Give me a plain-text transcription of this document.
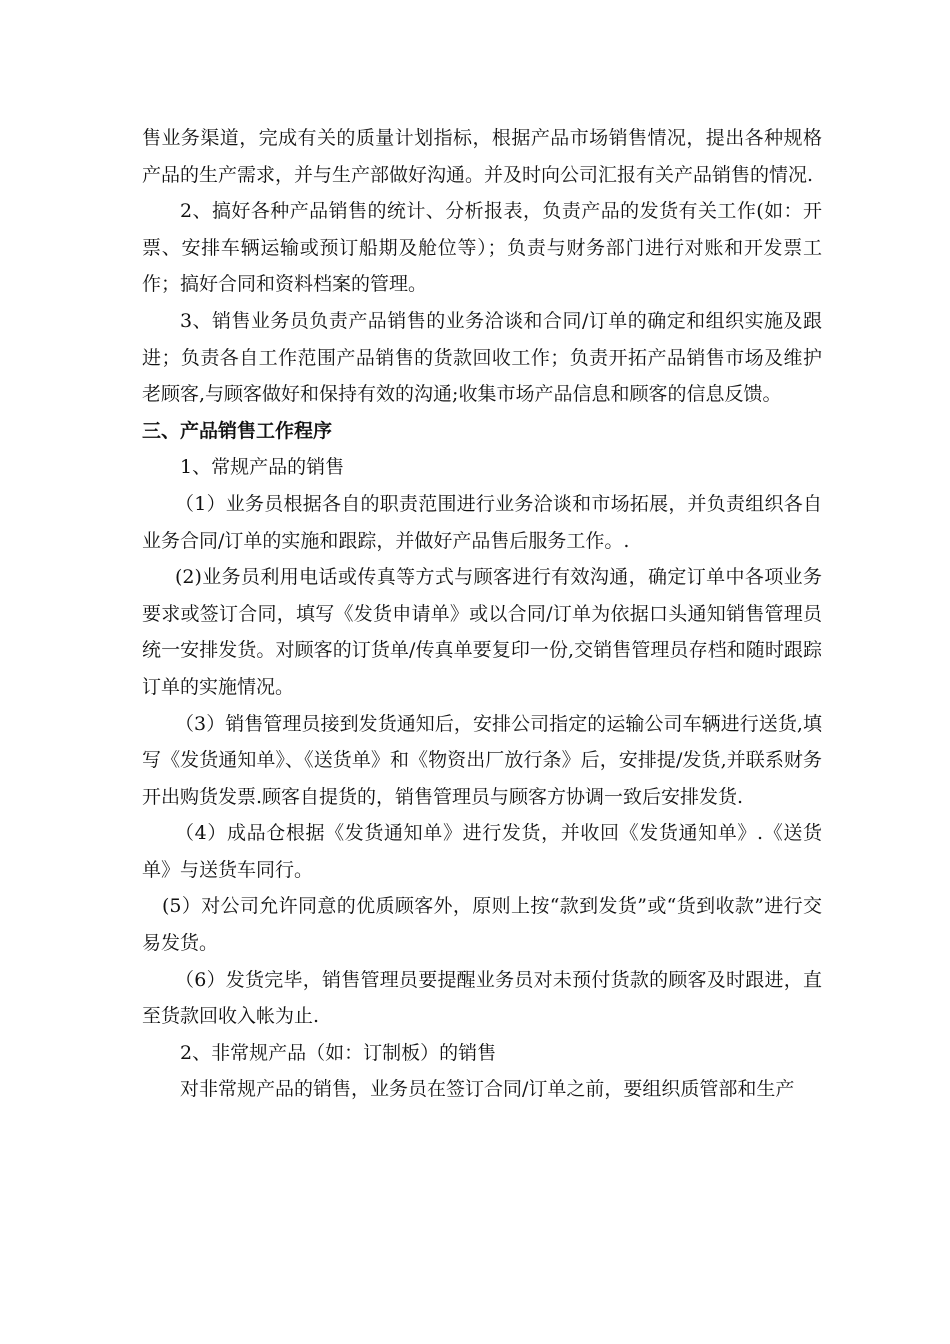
售业务渠道，完成有关的质量计划指标，根据产品市场销售情况，提出各种规格产品的生产需求，并与生产部做好沟通。并及时向公司汇报有关产品销售的情况.

2、搞好各种产品销售的统计、分析报表，负责产品的发货有关工作(如：开票、安排车辆运输或预订船期及舱位等）；负责与财务部门进行对账和开发票工作；搞好合同和资料档案的管理。

3、销售业务员负责产品销售的业务洽谈和合同/订单的确定和组织实施及跟进；负责各自工作范围产品销售的货款回收工作；负责开拓产品销售市场及维护老顾客,与顾客做好和保持有效的沟通;收集市场产品信息和顾客的信息反馈。

三、产品销售工作程序

1、常规产品的销售

（1）业务员根据各自的职责范围进行业务洽谈和市场拓展，并负责组织各自业务合同/订单的实施和跟踪，并做好产品售后服务工作。.

(2)业务员利用电话或传真等方式与顾客进行有效沟通，确定订单中各项业务要求或签订合同，填写《发货申请单》或以合同/订单为依据口头通知销售管理员统一安排发货。对顾客的订货单/传真单要复印一份,交销售管理员存档和随时跟踪订单的实施情况。

（3）销售管理员接到发货通知后，安排公司指定的运输公司车辆进行送货,填写《发货通知单》、《送货单》和《物资出厂放行条》后，安排提/发货,并联系财务开出购货发票.顾客自提货的，销售管理员与顾客方协调一致后安排发货.

（4）成品仓根据《发货通知单》进行发货，并收回《发货通知单》.《送货单》与送货车同行。

(5）对公司允许同意的优质顾客外，原则上按“款到发货”或“货到收款”进行交易发货。

（6）发货完毕，销售管理员要提醒业务员对未预付货款的顾客及时跟进，直至货款回收入帐为止.

2、非常规产品（如：订制板）的销售

对非常规产品的销售，业务员在签订合同/订单之前，要组织质管部和生产
